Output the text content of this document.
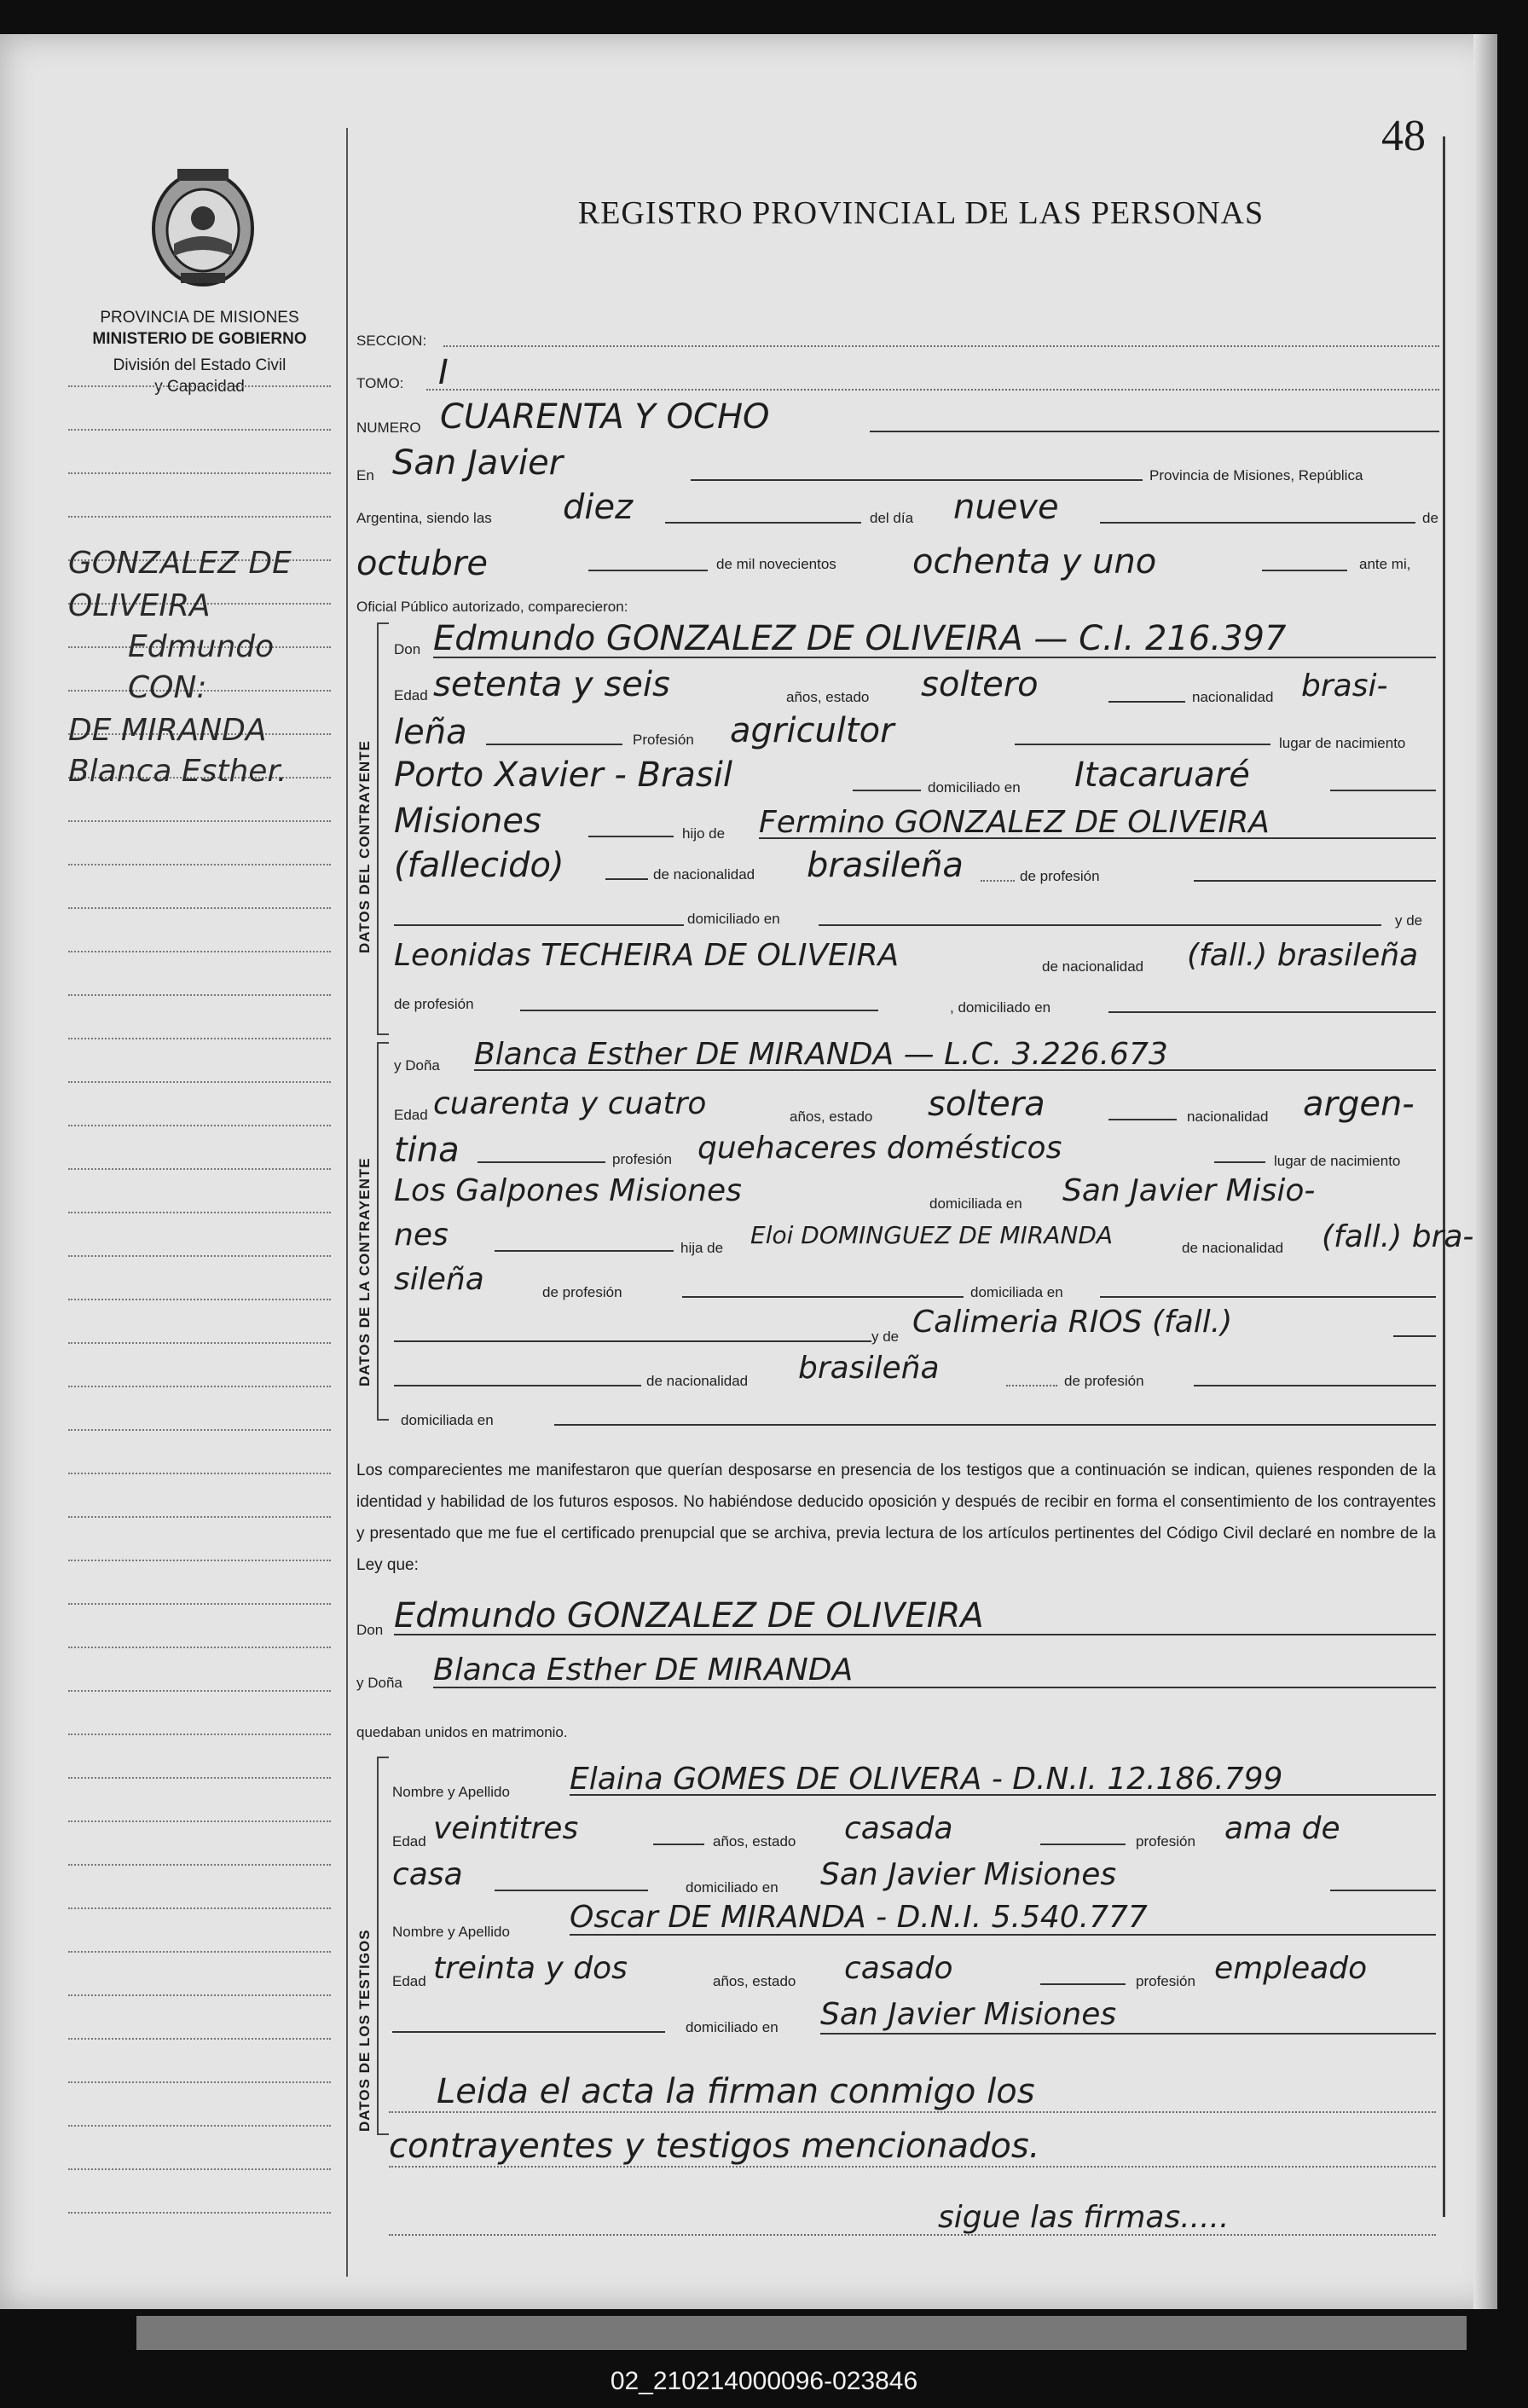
48
PROVINCIA DE MISIONES
MINISTERIO DE GOBIERNO
División del Estado Civil
y Capacidad
REGISTRO PROVINCIAL DE LAS PERSONAS
GONZALEZ DE
OLIVEIRA
Edmundo
CON:
DE MIRANDA
Blanca Esther.
SECCION:
TOMO: I
NUMERO CUARENTA Y OCHO
En San Javier	Provincia de Misiones, República
Argentina, siendo las diez	del día nueve	de
octubre	de mil novecientos ochenta y uno	ante mi,
Oficial Público autorizado, comparecieron:
DATOS DEL CONTRAYENTE
Don Edmundo GONZALEZ DE OLIVEIRA — C.I. 216.397
Edad setenta y seis	años, estado soltero	nacionalidad brasi-
leña	Profesión agricultor	lugar de nacimiento
Porto Xavier - Brasil	domiciliado en Itacaruaré
Misiones	hijo de Fermino GONZALEZ DE OLIVEIRA
(fallecido)	de nacionalidad brasileña	de profesión
domiciliado en	y de
Leonidas TECHEIRA DE OLIVEIRA	de nacionalidad (fall.) brasileña
de profesión	, domiciliado en
DATOS DE LA CONTRAYENTE
y Doña Blanca Esther DE MIRANDA — L.C. 3.226.673
Edad cuarenta y cuatro	años, estado soltera	nacionalidad argen-
tina	profesión quehaceres domésticos	lugar de nacimiento
Los Galpones Misiones	domiciliada en San Javier Misio-
nes	hija de Eloi DOMINGUEZ DE MIRANDA	de nacionalidad (fall.) bra-
sileña	de profesión	domiciliada en
y de Calimeria RIOS (fall.)
de nacionalidad brasileña	de profesión
domiciliada en
Los comparecientes me manifestaron que querían desposarse en presencia de los testigos que a continuación se indican, quienes responden de la identidad y habilidad de los futuros esposos. No habiéndose deducido oposición y después de recibir en forma el consentimiento de los contrayentes y presentado que me fue el certificado prenupcial que se archiva, previa lectura de los artículos pertinentes del Código Civil declaré en nombre de la Ley que:
Don Edmundo GONZALEZ DE OLIVEIRA
y Doña Blanca Esther DE MIRANDA
quedaban unidos en matrimonio.
DATOS DE LOS TESTIGOS
Nombre y Apellido Elaina GOMES DE OLIVERA - D.N.I. 12.186.799
Edad veintitres	años, estado casada	profesión ama de
casa	domiciliado en San Javier Misiones
Nombre y Apellido Oscar DE MIRANDA - D.N.I. 5.540.777
Edad treinta y dos	años, estado casado	profesión empleado
domiciliado en San Javier Misiones
Leida el acta la firman conmigo los
contrayentes y testigos mencionados.
sigue las firmas.....
02_210214000096-023846
